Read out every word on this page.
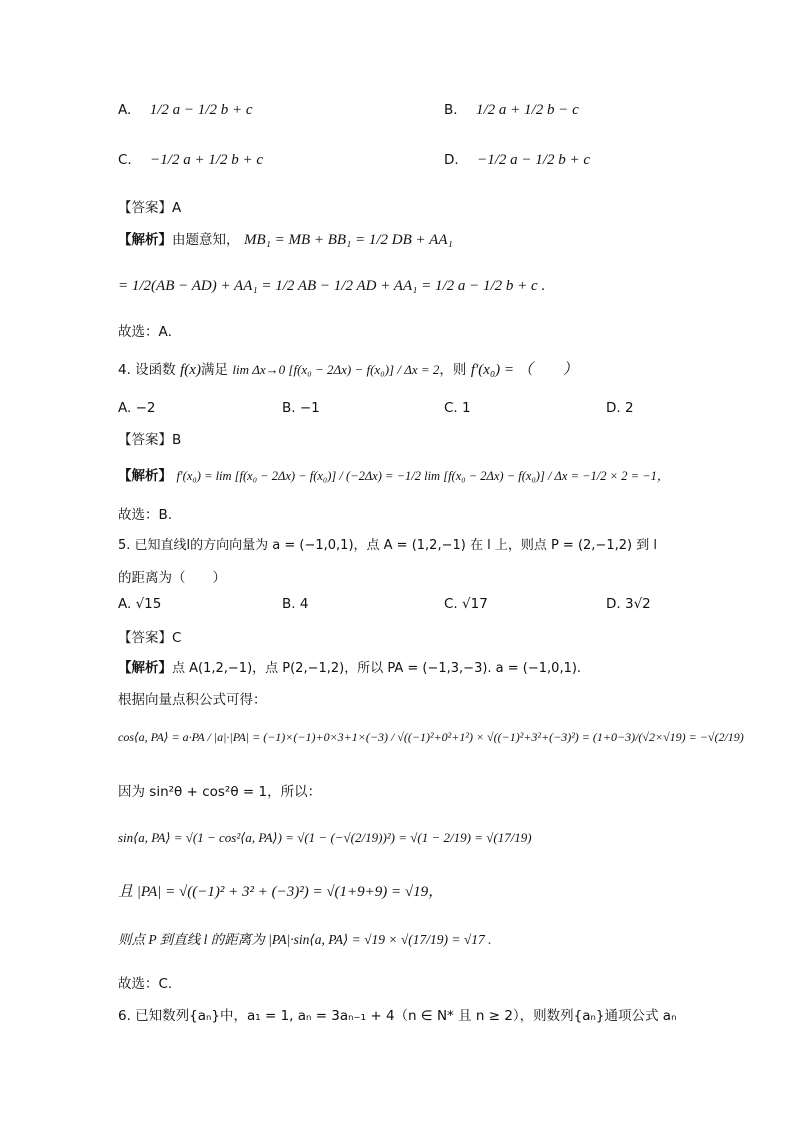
A. 1/2 a − 1/2 b + c	B. 1/2 a + 1/2 b − c
C. −1/2 a + 1/2 b + c	D. −1/2 a − 1/2 b + c
【答案】A
【解析】由题意知， MB₁ = MB + BB₁ = 1/2 DB + AA₁
= 1/2(AB − AD) + AA₁ = 1/2 AB − 1/2 AD + AA₁ = 1/2 a − 1/2 b + c .
故选：A．
4. 设函数 f(x)满足 lim Δx→0 [f(x₀ − 2Δx) − f(x₀)] / Δx = 2，则 f′(x₀) = （　　）
A. −2	B. −1	C. 1	D. 2
【答案】B
【解析】 f′(x₀) = lim [f(x₀ − 2Δx) − f(x₀)] / (−2Δx) = −1/2 lim [f(x₀ − 2Δx) − f(x₀)] / Δx = −1/2 × 2 = −1，
故选：B.
5. 已知直线l的方向向量为 a = (−1,0,1)，点 A = (1,2,−1) 在 l 上，则点 P = (2,−1,2) 到 l
的距离为（　　）
A. √15	B. 4	C. √17	D. 3√2
【答案】C
【解析】点 A(1,2,−1)，点 P(2,−1,2)，所以 PA = (−1,3,−3). a = (−1,0,1).
根据向量点积公式可得：
cos⟨a, PA⟩ = a·PA / |a|·|PA| = (−1)×(−1)+0×3+1×(−3) / √((−1)²+0²+1²) × √((−1)²+3²+(−3)²) = (1+0−3)/(√2×√19) = −√(2/19)
因为 sin²θ + cos²θ = 1，所以：
sin⟨a, PA⟩ = √(1 − cos²⟨a, PA⟩) = √(1 − (−√(2/19))²) = √(1 − 2/19) = √(17/19)
且 |PA| = √((−1)² + 3² + (−3)²) = √(1+9+9) = √19，
则点 P 到直线 l 的距离为 |PA|·sin⟨a, PA⟩ = √19 × √(17/19) = √17 .
故选：C.
6. 已知数列{aₙ}中，a₁ = 1, aₙ = 3aₙ₋₁ + 4（n ∈ N* 且 n ≥ 2），则数列{aₙ}通项公式 aₙ
